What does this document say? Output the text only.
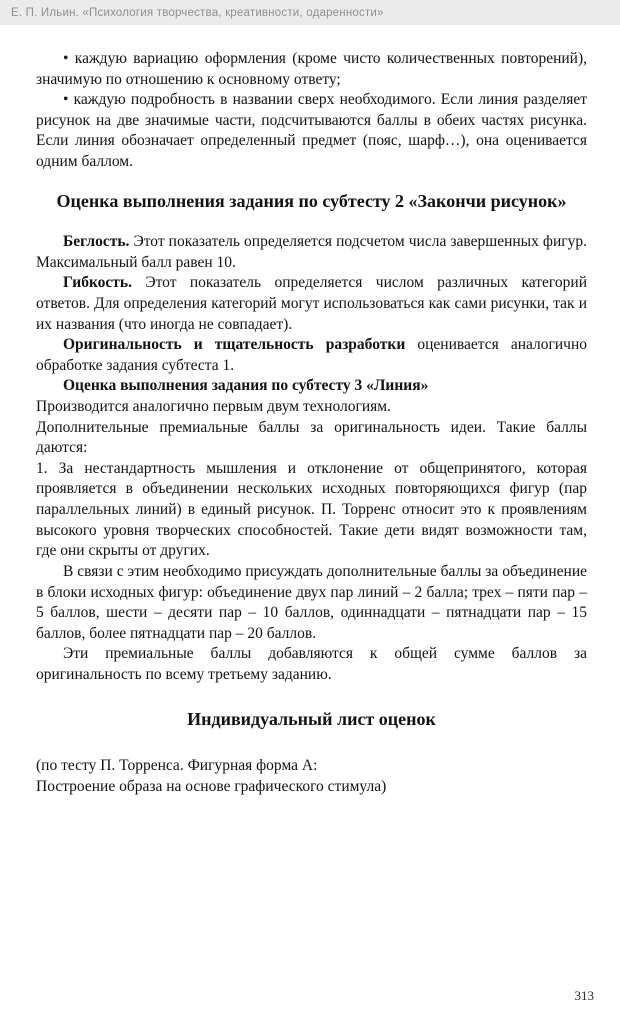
Е. П. Ильин. «Психология творчества, креативности, одаренности»

• каждую вариацию оформления (кроме чисто количественных повторений), значимую по отношению к основному ответу;

• каждую подробность в названии сверх необходимого. Если линия разделяет рисунок на две значимые части, подсчитываются баллы в обеих частях рисунка. Если линия обозначает определенный предмет (пояс, шарф…), она оценивается одним баллом.

Оценка выполнения задания по субтесту 2 «Закончи рисунок»

Беглость. Этот показатель определяется подсчетом числа завершенных фигур. Максимальный балл равен 10.

Гибкость. Этот показатель определяется числом различных категорий ответов. Для определения категорий могут использоваться как сами рисунки, так и их названия (что иногда не совпадает).

Оригинальность и тщательность разработки оценивается аналогично обработке задания субтеста 1.

Оценка выполнения задания по субтесту 3 «Линия»

Производится аналогично первым двум технологиям.

Дополнительные премиальные баллы за оригинальность идеи. Такие баллы даются:

1. За нестандартность мышления и отклонение от общепринятого, которая проявляется в объединении нескольких исходных повторяющихся фигур (пар параллельных линий) в единый рисунок. П. Торренс относит это к проявлениям высокого уровня творческих способностей. Такие дети видят возможности там, где они скрыты от других.

В связи с этим необходимо присуждать дополнительные баллы за объединение в блоки исходных фигур: объединение двух пар линий – 2 балла; трех – пяти пар – 5 баллов, шести – десяти пар – 10 баллов, одиннадцати – пятнадцати пар – 15 баллов, более пятнадцати пар – 20 баллов.

Эти премиальные баллы добавляются к общей сумме баллов за оригинальность по всему третьему заданию.

Индивидуальный лист оценок

(по тесту П. Торренса. Фигурная форма А:

Построение образа на основе графического стимула)

313
